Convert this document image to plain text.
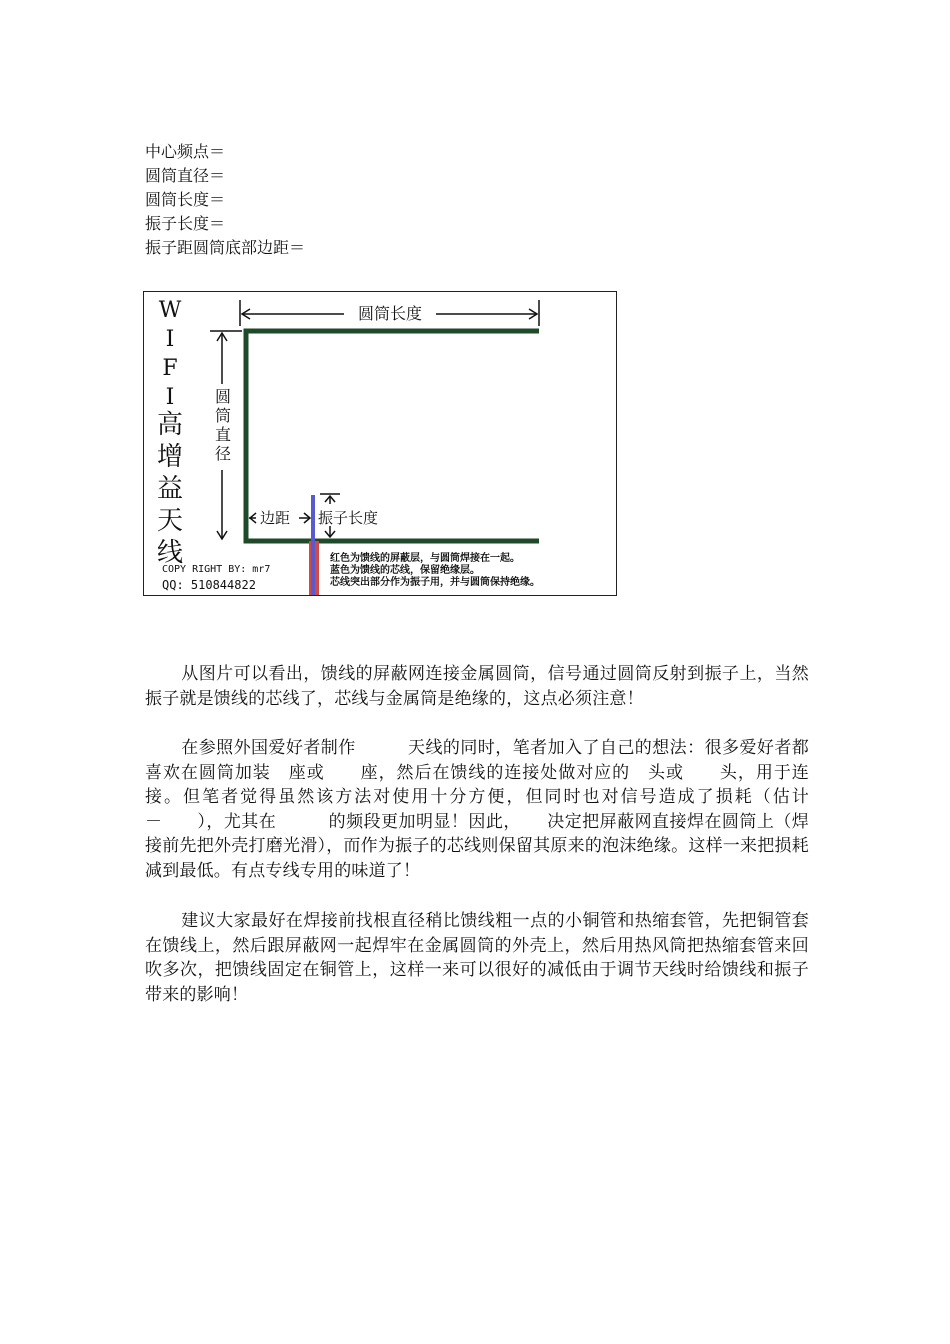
中心频点＝
圆筒直径＝
圆筒长度＝
振子长度＝
振子距圆筒底部边距＝
W
I
F
I
高
增
益
天
线
圆筒长度
圆
筒
直
径
边距 振子长度
COPY RIGHT BY: mr7
QQ: 510844822
红色为馈线的屏蔽层，与圆筒焊接在一起。
蓝色为馈线的芯线，保留绝缘层。
芯线突出部分作为振子用，并与圆筒保持绝缘。

从图片可以看出，馈线的屏蔽网连接金属圆筒，信号通过圆筒反射到振子上，当然振子就是馈线的芯线了，芯线与金属筒是绝缘的，这点必须注意！

在参照外国爱好者制作　　　天线的同时，笔者加入了自己的想法：很多爱好者都喜欢在圆筒加装　座或　　座，然后在馈线的连接处做对应的　头或　　头，用于连接。但笔者觉得虽然该方法对使用十分方便，但同时也对信号造成了损耗（估计　－　　），尤其在　　　的频段更加明显！因此，　　决定把屏蔽网直接焊在圆筒上（焊接前先把外壳打磨光滑），而作为振子的芯线则保留其原来的泡沫绝缘。这样一来把损耗减到最低。有点专线专用的味道了！

建议大家最好在焊接前找根直径稍比馈线粗一点的小铜管和热缩套管，先把铜管套在馈线上，然后跟屏蔽网一起焊牢在金属圆筒的外壳上，然后用热风筒把热缩套管来回吹多次，把馈线固定在铜管上，这样一来可以很好的减低由于调节天线时给馈线和振子带来的影响！
